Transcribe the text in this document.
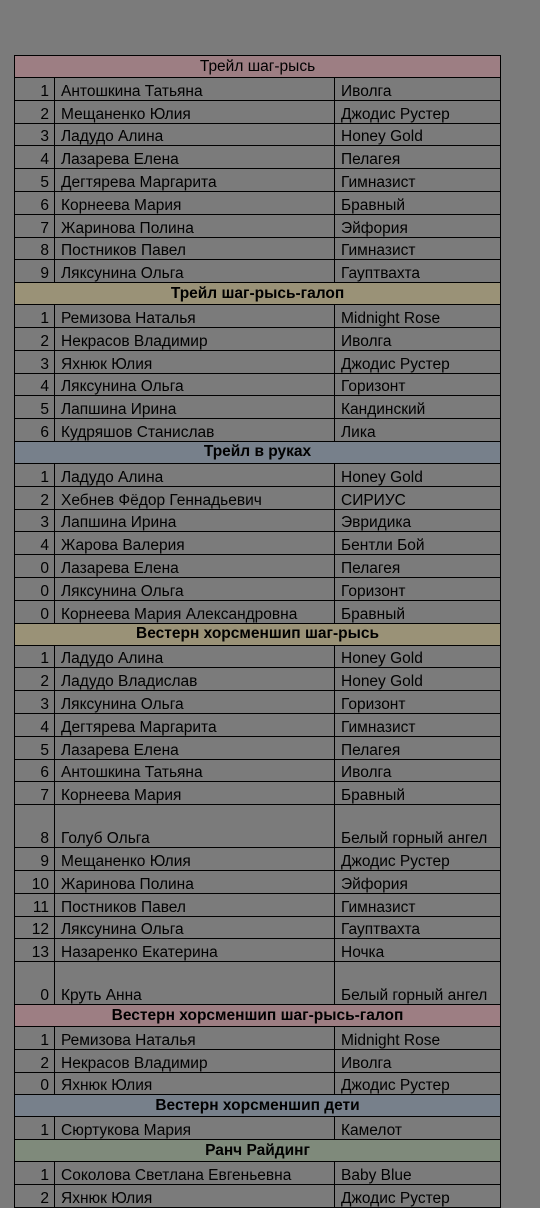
Трейл шаг-рысь		
1	Антошкина Татьяна	Иволга
2	Мещаненко Юлия	Джодис Рустер
3	Ладудо Алина	Honey Gold
4	Лазарева Елена	Пелагея
5	Дегтярева Маргарита	Гимназист
6	Корнеева Мария	Бравный
7	Жаринова Полина	Эйфория
8	Постников Павел	Гимназист
9	Ляксунина Ольга	Гауптвахта
Трейл шаг-рысь-галоп		
1	Ремизова Наталья	Midnight Rose
2	Некрасов Владимир	Иволга
3	Яхнюк Юлия	Джодис Рустер
4	Ляксунина Ольга	Горизонт
5	Лапшина Ирина	Кандинский
6	Кудряшов Станислав	Лика
Трейл в руках		
1	Ладудо Алина	Honey Gold
2	Хебнев Фёдор Геннадьевич	СИРИУС
3	Лапшина Ирина	Эвридика
4	Жарова Валерия	Бентли Бой
0	Лазарева Елена	Пелагея
0	Ляксунина Ольга	Горизонт
0	Корнеева Мария Александровна	Бравный
Вестерн хорсменшип шаг-рысь		
1	Ладудо Алина	Honey Gold
2	Ладудо Владислав	Honey Gold
3	Ляксунина Ольга	Горизонт
4	Дегтярева Маргарита	Гимназист
5	Лазарева Елена	Пелагея
6	Антошкина Татьяна	Иволга
7	Корнеева Мария	Бравный
8	Голуб Ольга	Белый горный ангел
9	Мещаненко Юлия	Джодис Рустер
10	Жаринова Полина	Эйфория
11	Постников Павел	Гимназист
12	Ляксунина Ольга	Гауптвахта
13	Назаренко Екатерина	Ночка
0	Круть Анна	Белый горный ангел
Вестерн хорсменшип шаг-рысь-галоп		
1	Ремизова Наталья	Midnight Rose
2	Некрасов Владимир	Иволга
0	Яхнюк Юлия	Джодис Рустер
Вестерн хорсменшип дети		
1	Сюртукова Мария	Камелот
Ранч Райдинг		
1	Соколова Светлана Евгеньевна	Baby Blue
2	Яхнюк Юлия	Джодис Рустер
